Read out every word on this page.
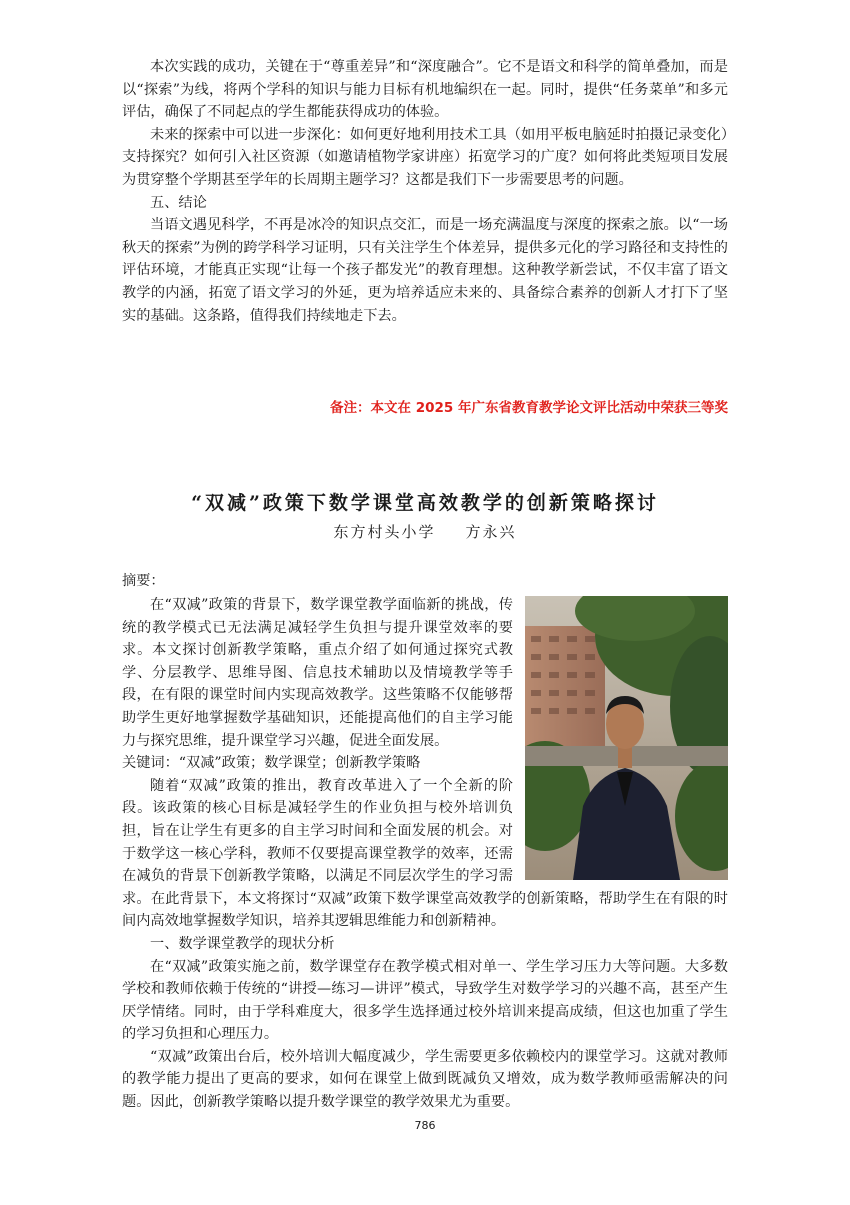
本次实践的成功，关键在于“尊重差异”和“深度融合”。它不是语文和科学的简单叠加，而是以“探索”为线，将两个学科的知识与能力目标有机地编织在一起。同时，提供“任务菜单”和多元评估，确保了不同起点的学生都能获得成功的体验。

未来的探索中可以进一步深化：如何更好地利用技术工具（如用平板电脑延时拍摄记录变化）支持探究？如何引入社区资源（如邀请植物学家讲座）拓宽学习的广度？如何将此类短项目发展为贯穿整个学期甚至学年的长周期主题学习？这都是我们下一步需要思考的问题。

五、结论

当语文遇见科学，不再是冰冷的知识点交汇，而是一场充满温度与深度的探索之旅。以“一场秋天的探索”为例的跨学科学习证明，只有关注学生个体差异，提供多元化的学习路径和支持性的评估环境，才能真正实现“让每一个孩子都发光”的教育理想。这种教学新尝试，不仅丰富了语文教学的内涵，拓宽了语文学习的外延，更为培养适应未来的、具备综合素养的创新人才打下了坚实的基础。这条路，值得我们持续地走下去。

备注：本文在 2025 年广东省教育教学论文评比活动中荣获三等奖
“双减”政策下数学课堂高效教学的创新策略探讨
东方村头小学 方永兴
摘要：

在“双减”政策的背景下，数学课堂教学面临新的挑战，传统的教学模式已无法满足减轻学生负担与提升课堂效率的要求。本文探讨创新教学策略，重点介绍了如何通过探究式教学、分层教学、思维导图、信息技术辅助以及情境教学等手段，在有限的课堂时间内实现高效教学。这些策略不仅能够帮助学生更好地掌握数学基础知识，还能提高他们的自主学习能力与探究思维，提升课堂学习兴趣，促进全面发展。

关键词：“双减”政策；数学课堂；创新教学策略

随着“双减”政策的推出，教育改革进入了一个全新的阶段。该政策的核心目标是减轻学生的作业负担与校外培训负担，旨在让学生有更多的自主学习时间和全面发展的机会。对于数学这一核心学科，教师不仅要提高课堂教学的效率，还需在减负的背景下创新教学策略，以满足不同层次学生的学习需求。在此背景下，本文将探讨“双减”政策下数学课堂高效教学的创新策略，帮助学生在有限的时间内高效地掌握数学知识，培养其逻辑思维能力和创新精神。

一、数学课堂教学的现状分析

在“双减”政策实施之前，数学课堂存在教学模式相对单一、学生学习压力大等问题。大多数学校和教师依赖于传统的“讲授—练习—讲评”模式，导致学生对数学学习的兴趣不高，甚至产生厌学情绪。同时，由于学科难度大，很多学生选择通过校外培训来提高成绩，但这也加重了学生的学习负担和心理压力。

“双减”政策出台后，校外培训大幅度减少，学生需要更多依赖校内的课堂学习。这就对教师的教学能力提出了更高的要求，如何在课堂上做到既减负又增效，成为数学教师亟需解决的问题。因此，创新教学策略以提升数学课堂的教学效果尤为重要。

786
